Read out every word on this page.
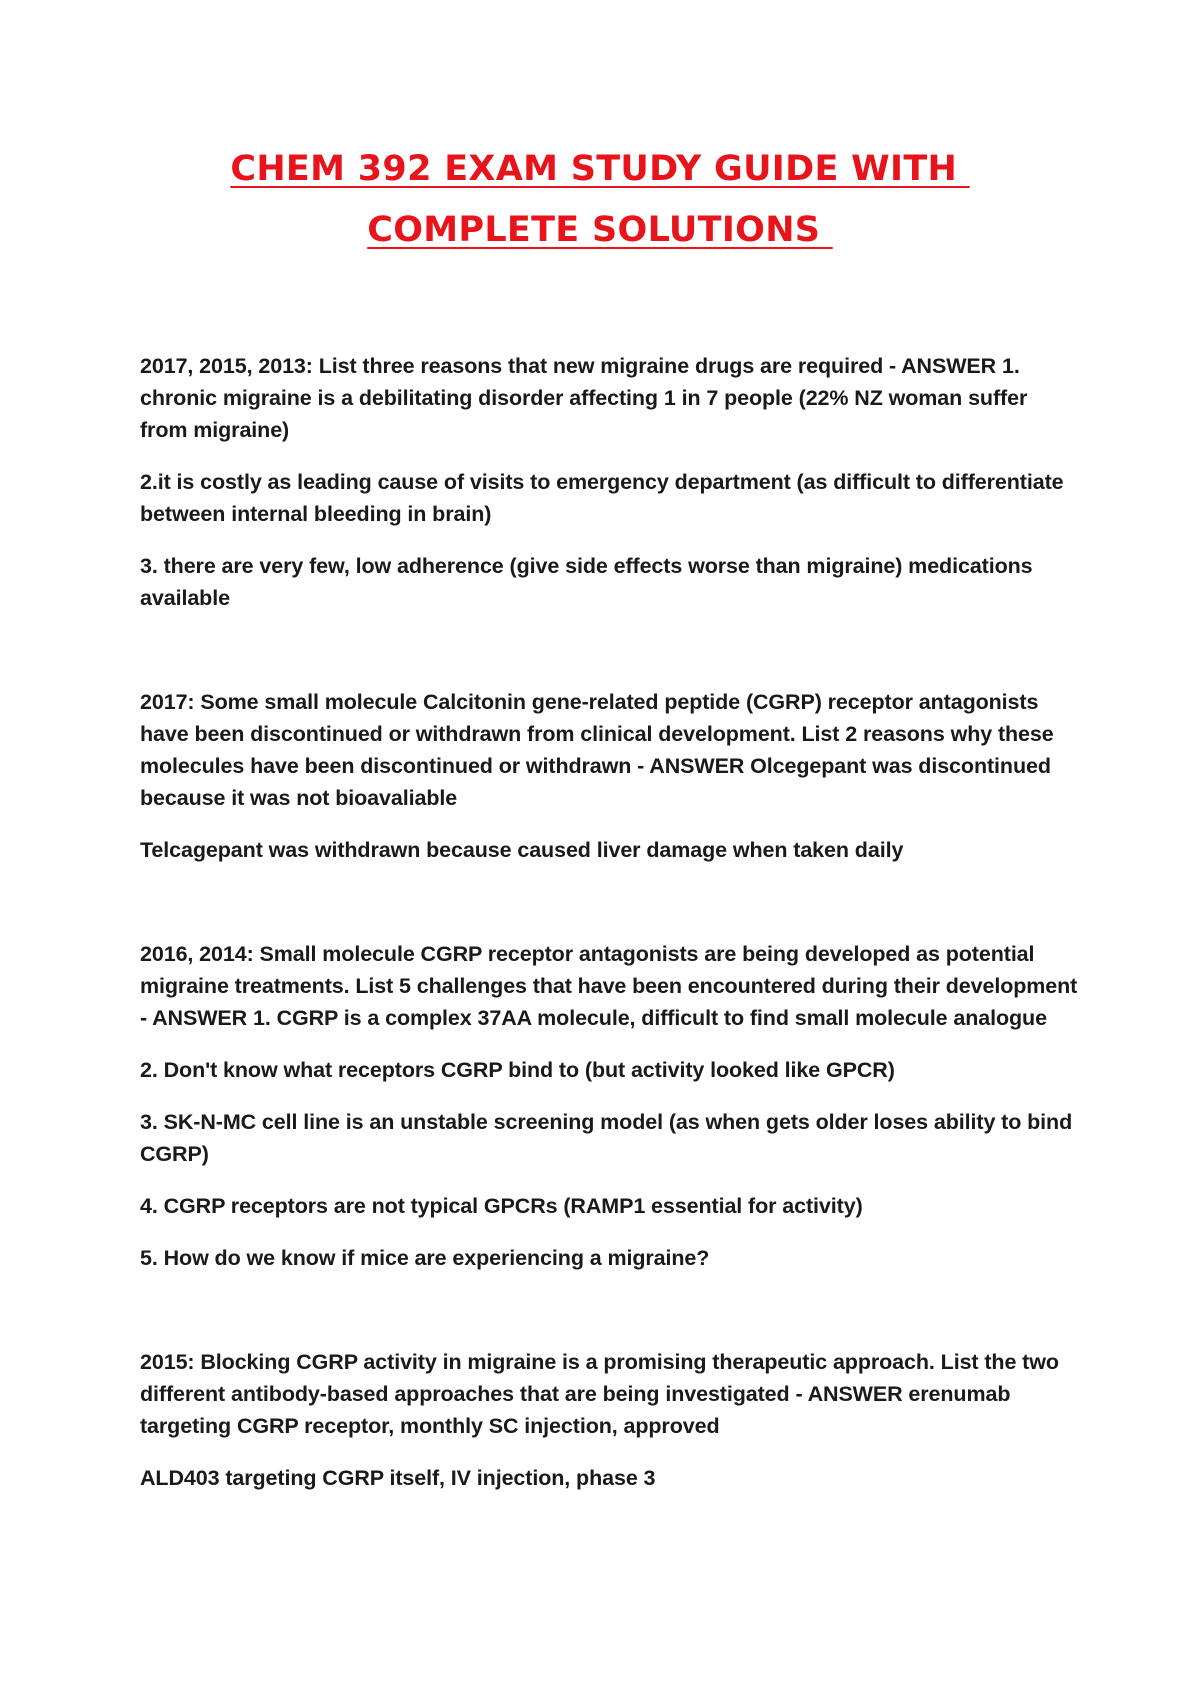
CHEM 392 EXAM STUDY GUIDE WITH
COMPLETE SOLUTIONS

2017, 2015, 2013: List three reasons that new migraine drugs are required - ANSWER 1. chronic migraine is a debilitating disorder affecting 1 in 7 people (22% NZ woman suffer from migraine)

2.it is costly as leading cause of visits to emergency department (as difficult to differentiate between internal bleeding in brain)

3. there are very few, low adherence (give side effects worse than migraine) medications available

2017: Some small molecule Calcitonin gene-related peptide (CGRP) receptor antagonists have been discontinued or withdrawn from clinical development. List 2 reasons why these molecules have been discontinued or withdrawn - ANSWER Olcegepant was discontinued because it was not bioavaliable

Telcagepant was withdrawn because caused liver damage when taken daily

2016, 2014: Small molecule CGRP receptor antagonists are being developed as potential migraine treatments. List 5 challenges that have been encountered during their development - ANSWER 1. CGRP is a complex 37AA molecule, difficult to find small molecule analogue

2. Don't know what receptors CGRP bind to (but activity looked like GPCR)

3. SK-N-MC cell line is an unstable screening model (as when gets older loses ability to bind CGRP)

4. CGRP receptors are not typical GPCRs (RAMP1 essential for activity)

5. How do we know if mice are experiencing a migraine?

2015: Blocking CGRP activity in migraine is a promising therapeutic approach. List the two different antibody-based approaches that are being investigated - ANSWER erenumab targeting CGRP receptor, monthly SC injection, approved

ALD403 targeting CGRP itself, IV injection, phase 3
